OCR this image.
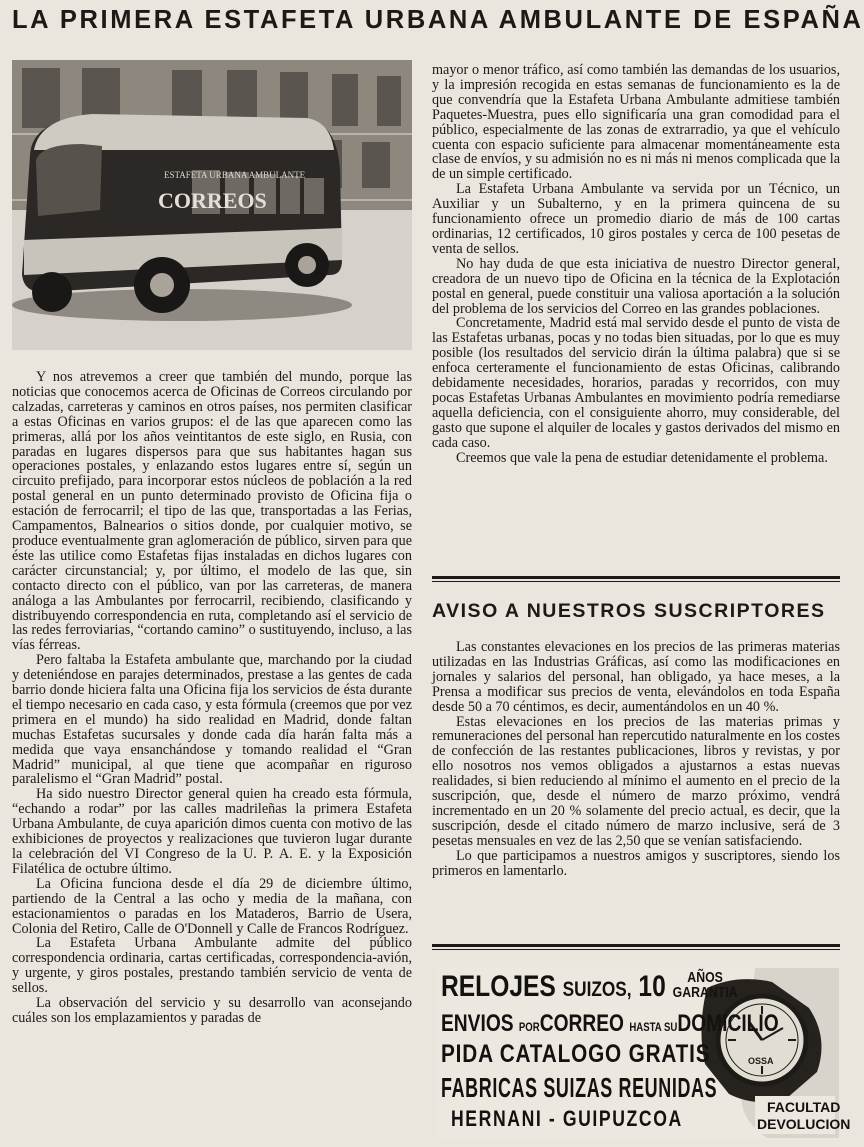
LA PRIMERA ESTAFETA URBANA AMBULANTE DE ESPAÑA
ESTAFETA URBANA AMBULANTE
CORREOS

Y nos atrevemos a creer que también del mundo, porque las noticias que conocemos acerca de Oficinas de Correos circulando por calzadas, carreteras y caminos en otros países, nos permiten clasificar a estas Oficinas en varios grupos: el de las que aparecen como las primeras, allá por los años veintitantos de este siglo, en Rusia, con paradas en lugares dispersos para que sus habitantes hagan sus operaciones postales, y enlazando estos lugares entre sí, según un circuito prefijado, para incorporar estos núcleos de población a la red postal general en un punto determinado provisto de Oficina fija o estación de ferrocarril; el tipo de las que, transportadas a las Ferias, Campamentos, Balnearios o sitios donde, por cualquier motivo, se produce eventualmente gran aglomeración de público, sirven para que éste las utilice como Estafetas fijas instaladas en dichos lugares con carácter circunstancial; y, por último, el modelo de las que, sin contacto directo con el público, van por las carreteras, de manera análoga a las Ambulantes por ferrocarril, recibiendo, clasificando y distribuyendo correspondencia en ruta, completando así el servicio de las redes ferroviarias, “cortando camino” o sustituyendo, incluso, a las vías férreas.

Pero faltaba la Estafeta ambulante que, marchando por la ciudad y deteniéndose en parajes determinados, prestase a las gentes de cada barrio donde hiciera falta una Oficina fija los servicios de ésta durante el tiempo necesario en cada caso, y esta fórmula (creemos que por vez primera en el mundo) ha sido realidad en Madrid, donde faltan muchas Estafetas sucursales y donde cada día harán falta más a medida que vaya ensanchándose y tomando realidad el “Gran Madrid” municipal, al que tiene que acompañar en riguroso paralelismo el “Gran Madrid” postal.

Ha sido nuestro Director general quien ha creado esta fórmula, “echando a rodar” por las calles madrileñas la primera Estafeta Urbana Ambulante, de cuya aparición dimos cuenta con motivo de las exhibiciones de proyectos y realizaciones que tuvieron lugar durante la celebración del VI Congreso de la U. P. A. E. y la Exposición Filatélica de octubre último.

La Oficina funciona desde el día 29 de diciembre último, partiendo de la Central a las ocho y media de la mañana, con estacionamientos o paradas en los Mataderos, Barrio de Usera, Colonia del Retiro, Calle de O'Donnell y Calle de Francos Rodríguez.

La Estafeta Urbana Ambulante admite del público correspondencia ordinaria, cartas certificadas, correspondencia-avión, y urgente, y giros postales, prestando también servicio de venta de sellos.

La observación del servicio y su desarrollo van aconsejando cuáles son los emplazamientos y paradas de

mayor o menor tráfico, así como también las demandas de los usuarios, y la impresión recogida en estas semanas de funcionamiento es la de que convendría que la Estafeta Urbana Ambulante admitiese también Paquetes-Muestra, pues ello significaría una gran comodidad para el público, especialmente de las zonas de extrarradio, ya que el vehículo cuenta con espacio suficiente para almacenar momentáneamente esta clase de envíos, y su admisión no es ni más ni menos complicada que la de un simple certificado.

La Estafeta Urbana Ambulante va servida por un Técnico, un Auxiliar y un Subalterno, y en la primera quincena de su funcionamiento ofrece un promedio diario de más de 100 cartas ordinarias, 12 certificados, 10 giros postales y cerca de 100 pesetas de venta de sellos.

No hay duda de que esta iniciativa de nuestro Director general, creadora de un nuevo tipo de Oficina en la técnica de la Explotación postal en general, puede constituir una valiosa aportación a la solución del problema de los servicios del Correo en las grandes poblaciones.

Concretamente, Madrid está mal servido desde el punto de vista de las Estafetas urbanas, pocas y no todas bien situadas, por lo que es muy posible (los resultados del servicio dirán la última palabra) que si se enfoca certeramente el funcionamiento de estas Oficinas, calibrando debidamente necesidades, horarios, paradas y recorridos, con muy pocas Estafetas Urbanas Ambulantes en movimiento podría remediarse aquella deficiencia, con el consiguiente ahorro, muy considerable, del gasto que supone el alquiler de locales y gastos derivados del mismo en cada caso.

Creemos que vale la pena de estudiar detenidamente el problema.

AVISO A NUESTROS SUSCRIPTORES

Las constantes elevaciones en los precios de las primeras materias utilizadas en las Industrias Gráficas, así como las modificaciones en jornales y salarios del personal, han obligado, ya hace meses, a la Prensa a modificar sus precios de venta, elevándolos en toda España desde 50 a 70 céntimos, es decir, aumentándolos en un 40 %.

Estas elevaciones en los precios de las materias primas y remuneraciones del personal han repercutido naturalmente en los costes de confección de las restantes publicaciones, libros y revistas, y por ello nosotros nos vemos obligados a ajustarnos a estas nuevas realidades, si bien reduciendo al mínimo el aumento en el precio de la suscripción, que, desde el número de marzo próximo, vendrá incrementado en un 20 % solamente del precio actual, es decir, que la suscripción, desde el citado número de marzo inclusive, será de 3 pesetas mensuales en vez de las 2,50 que se venían satisfaciendo.

Lo que participamos a nuestros amigos y suscriptores, siendo los primeros en lamentarlo.

OSSA
RELOJES SUIZOS, 10	AÑOS
GARANTIA
ENVIOS PORCORREO HASTA SUDOMICILIO
PIDA CATALOGO GRATIS
FABRICAS SUIZAS REUNIDAS
HERNANI - GUIPUZCOA	FACULTAD
DEVOLUCION
